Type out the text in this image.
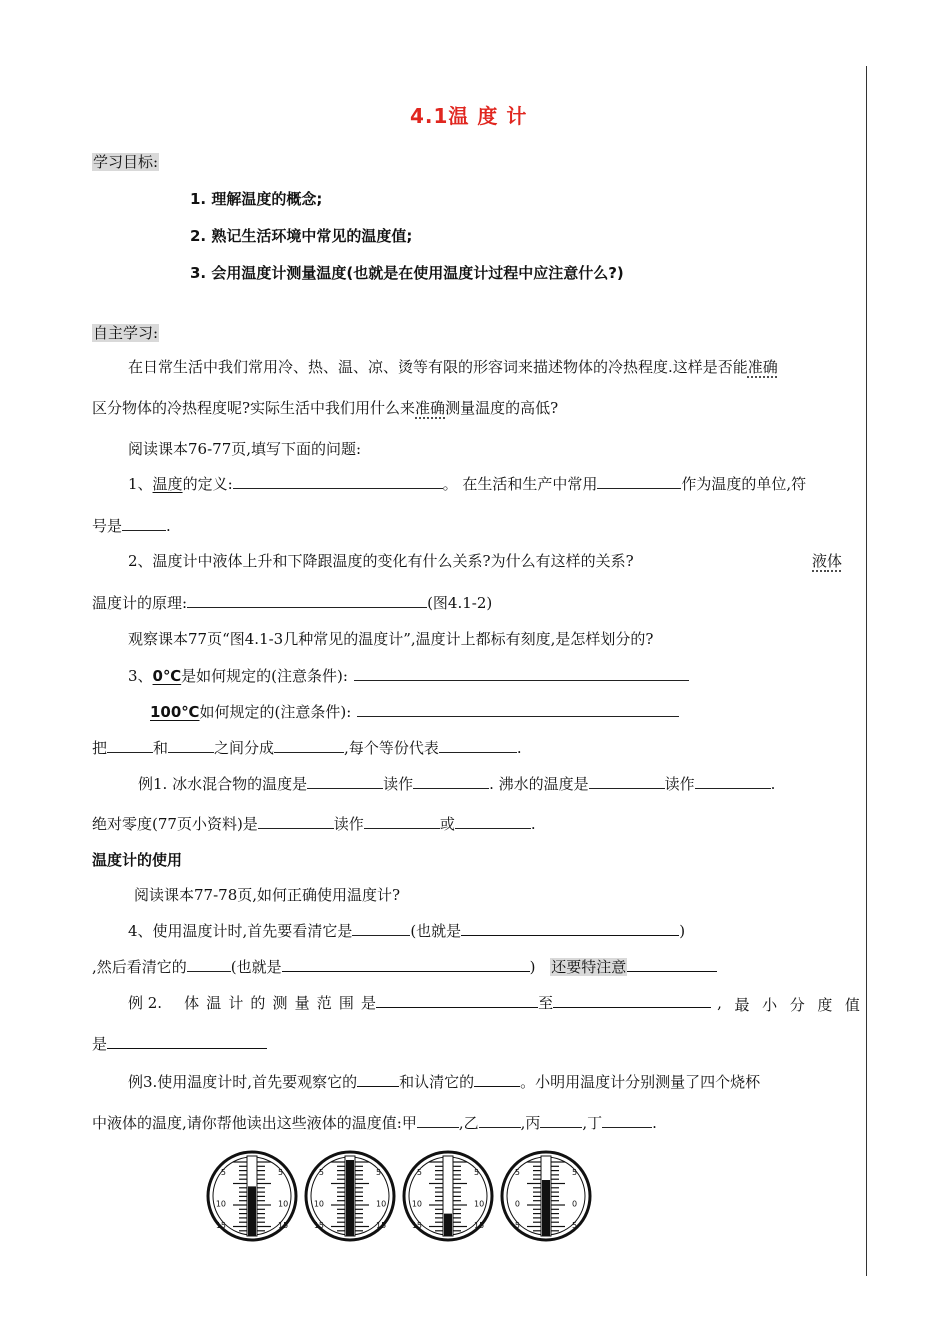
4.1温 度 计
学习目标:
1. 理解温度的概念;
2. 熟记生活环境中常见的温度值;
3. 会用温度计测量温度(也就是在使用温度计过程中应注意什么?)
自主学习:
在日常生活中我们常用冷、热、温、凉、烫等有限的形容词来描述物体的冷热程度.这样是否能准确
区分物体的冷热程度呢?实际生活中我们用什么来准确测量温度的高低?
阅读课本76-77页,填写下面的问题:
1、温度的定义:	。 在生活和生产中常用	作为温度的单位,符
号是	.
2、温度计中液体上升和下降跟温度的变化有什么关系?为什么有这样的关系?	液体
温度计的原理:	(图4.1-2)
观察课本77页“图4.1-3几种常见的温度计”,温度计上都标有刻度,是怎样划分的?
3、0℃是如何规定的(注意条件):
100℃如何规定的(注意条件):
把	和	之间分成	,每个等份代表	.
例1. 冰水混合物的温度是	读作	. 沸水的温度是	读作	.
绝对零度(77页小资料)是	读作	或	.
温度计的使用
阅读课本77-78页,如何正确使用温度计?
4、使用温度计时,首先要看清它是	(也就是	)
,然后看清它的	(也就是	) 还要特注意
例 2. 体 温 计 的 测 量 范 围 是	至	, 最 小 分 度 值
是
例3.使用温度计时,首先要观察它的	和认清它的	。小明用温度计分别测量了四个烧杯
中液体的温度,请你帮他读出这些液体的温度值:甲	,乙	,丙	,丁	.
5	5
10	10
15	15
5	5
10	10
15	15
5	5
10	10
15	15
5	5
0	0
5	5
